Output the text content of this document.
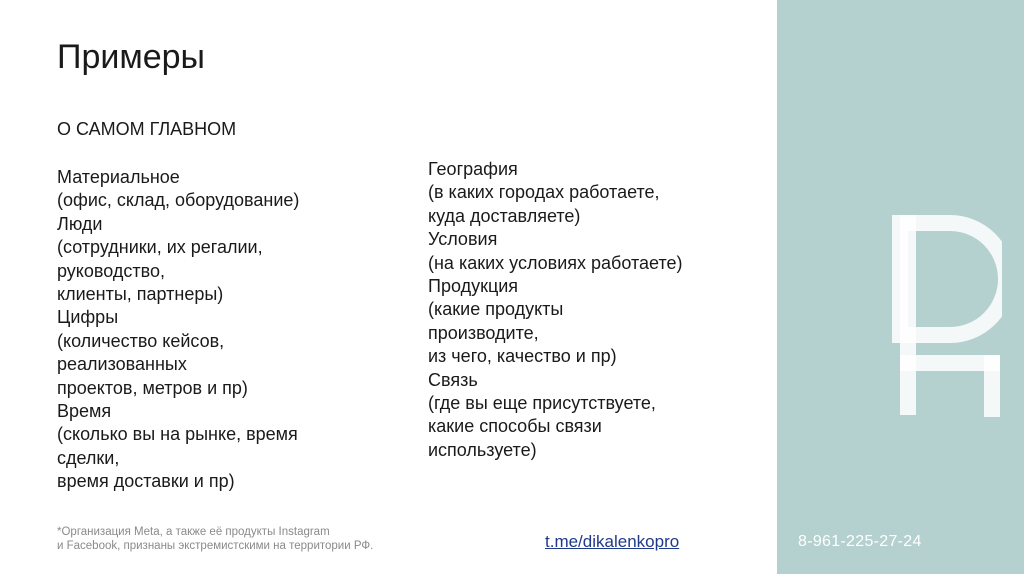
Примеры
О САМОМ ГЛАВНОМ
Материальное
(офис, склад, оборудование)
Люди
(сотрудники, их регалии,
руководство,
клиенты, партнеры)
Цифры
(количество кейсов,
реализованных
проектов, метров и пр)
Время
(сколько вы на рынке, время
сделки,
время доставки и пр)
География
(в каких городах работаете,
куда доставляете)
Условия
(на каких условиях работаете)
Продукция
(какие продукты
производите,
из чего, качество и пр)
Связь
(где вы еще присутствуете,
какие способы связи
используете)
*Организация Meta, а также её продукты Instagram
и Facebook, признаны экстремистскими на территории РФ.	t.me/dikalenkopro	8-961-225-27-24
